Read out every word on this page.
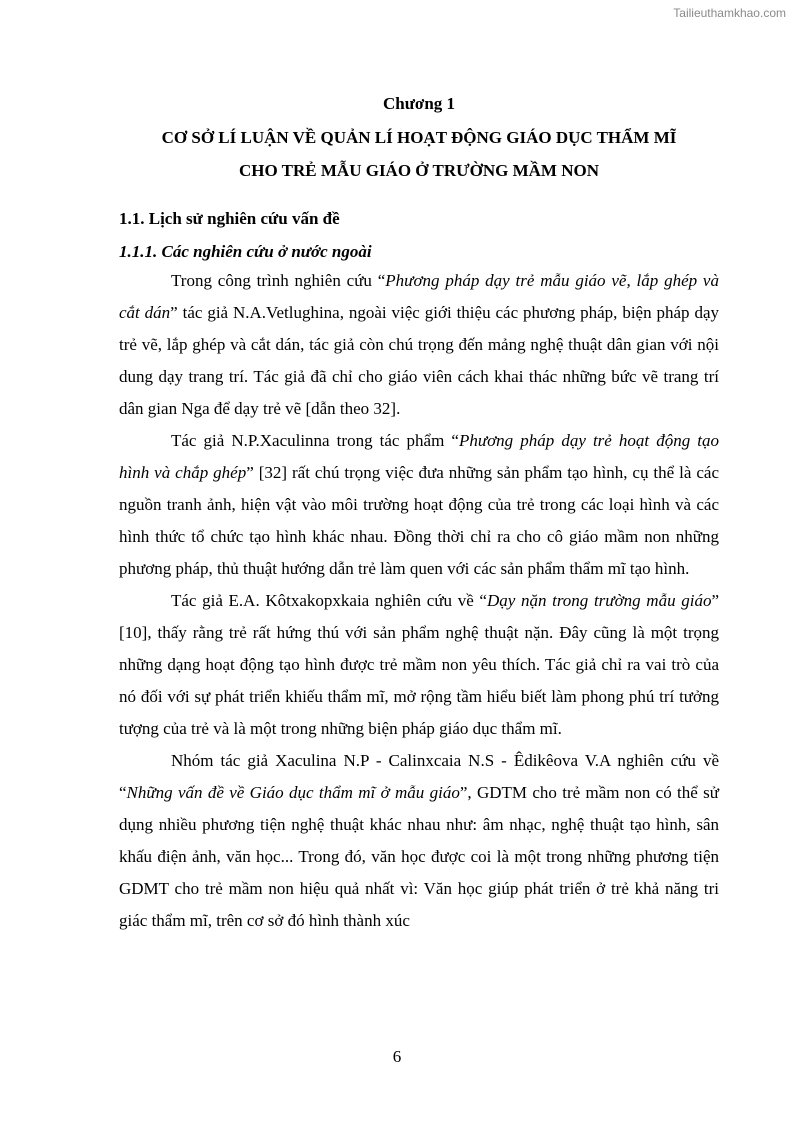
Tailieuthamkhao.com
Chương 1
CƠ SỞ LÍ LUẬN VỀ QUẢN LÍ HOẠT ĐỘNG GIÁO DỤC THẨM MĨ
CHO TRẺ MẪU GIÁO Ở TRƯỜNG MẦM NON
1.1. Lịch sử nghiên cứu vấn đề
1.1.1. Các nghiên cứu ở nước ngoài

Trong công trình nghiên cứu “Phương pháp dạy trẻ mẫu giáo vẽ, lắp ghép và cắt dán” tác giả N.A.Vetlughina, ngoài việc giới thiệu các phương pháp, biện pháp dạy trẻ vẽ, lắp ghép và cắt dán, tác giả còn chú trọng đến mảng nghệ thuật dân gian với nội dung dạy trang trí. Tác giả đã chỉ cho giáo viên cách khai thác những bức vẽ trang trí dân gian Nga để dạy trẻ vẽ [dẫn theo 32].

Tác giả N.P.Xaculinna trong tác phẩm “Phương pháp dạy trẻ hoạt động tạo hình và chắp ghép” [32] rất chú trọng việc đưa những sản phẩm tạo hình, cụ thể là các nguồn tranh ảnh, hiện vật vào môi trường hoạt động của trẻ trong các loại hình và các hình thức tổ chức tạo hình khác nhau. Đồng thời chỉ ra cho cô giáo mầm non những phương pháp, thủ thuật hướng dẫn trẻ làm quen với các sản phẩm thẩm mĩ tạo hình.

Tác giả E.A. Kôtxakopxkaia nghiên cứu về “Dạy nặn trong trường mẫu giáo” [10], thấy rằng trẻ rất hứng thú với sản phẩm nghệ thuật nặn. Đây cũng là một trọng những dạng hoạt động tạo hình được trẻ mầm non yêu thích. Tác giả chỉ ra vai trò của nó đối với sự phát triển khiếu thẩm mĩ, mở rộng tầm hiểu biết làm phong phú trí tưởng tượng của trẻ và là một trong những biện pháp giáo dục thẩm mĩ.

Nhóm tác giả Xaculina N.P - Calinxcaia N.S - Êdikêova V.A nghiên cứu về “Những vấn đề về Giáo dục thẩm mĩ ở mẫu giáo”, GDTM cho trẻ mầm non có thể sử dụng nhiều phương tiện nghệ thuật khác nhau như: âm nhạc, nghệ thuật tạo hình, sân khấu điện ảnh, văn học... Trong đó, văn học được coi là một trong những phương tiện GDMT cho trẻ mầm non hiệu quả nhất vì: Văn học giúp phát triển ở trẻ khả năng tri giác thẩm mĩ, trên cơ sở đó hình thành xúc

6
